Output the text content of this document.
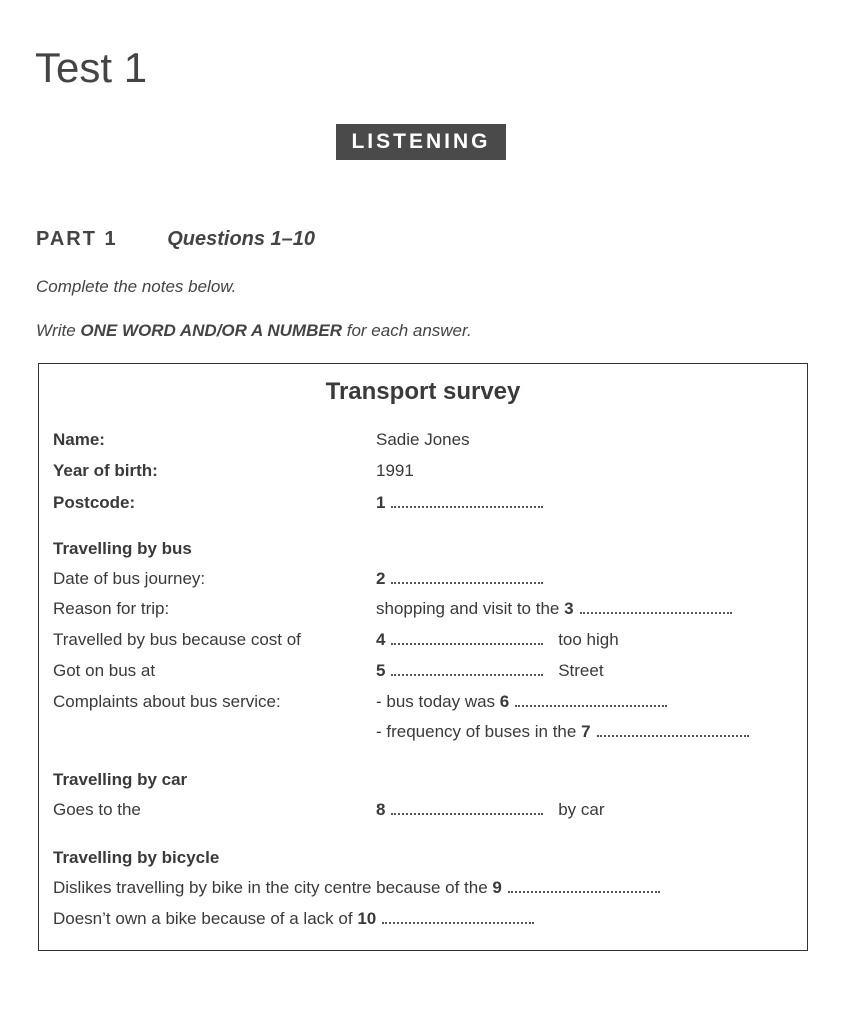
Test 1
LISTENING
PART 1 Questions 1–10
Complete the notes below.
Write ONE WORD AND/OR A NUMBER for each answer.
Transport survey
Name:	Sadie Jones
Year of birth:	1991
Postcode:	1
Travelling by bus
Date of bus journey:	2
Reason for trip:	shopping and visit to the 3
Travelled by bus because cost of	4	too high
Got on bus at	5	Street
Complaints about bus service:	- bus today was 6
- frequency of buses in the 7
Travelling by car
Goes to the	8	by car
Travelling by bicycle
Dislikes travelling by bike in the city centre because of the 9
Doesn’t own a bike because of a lack of 10
